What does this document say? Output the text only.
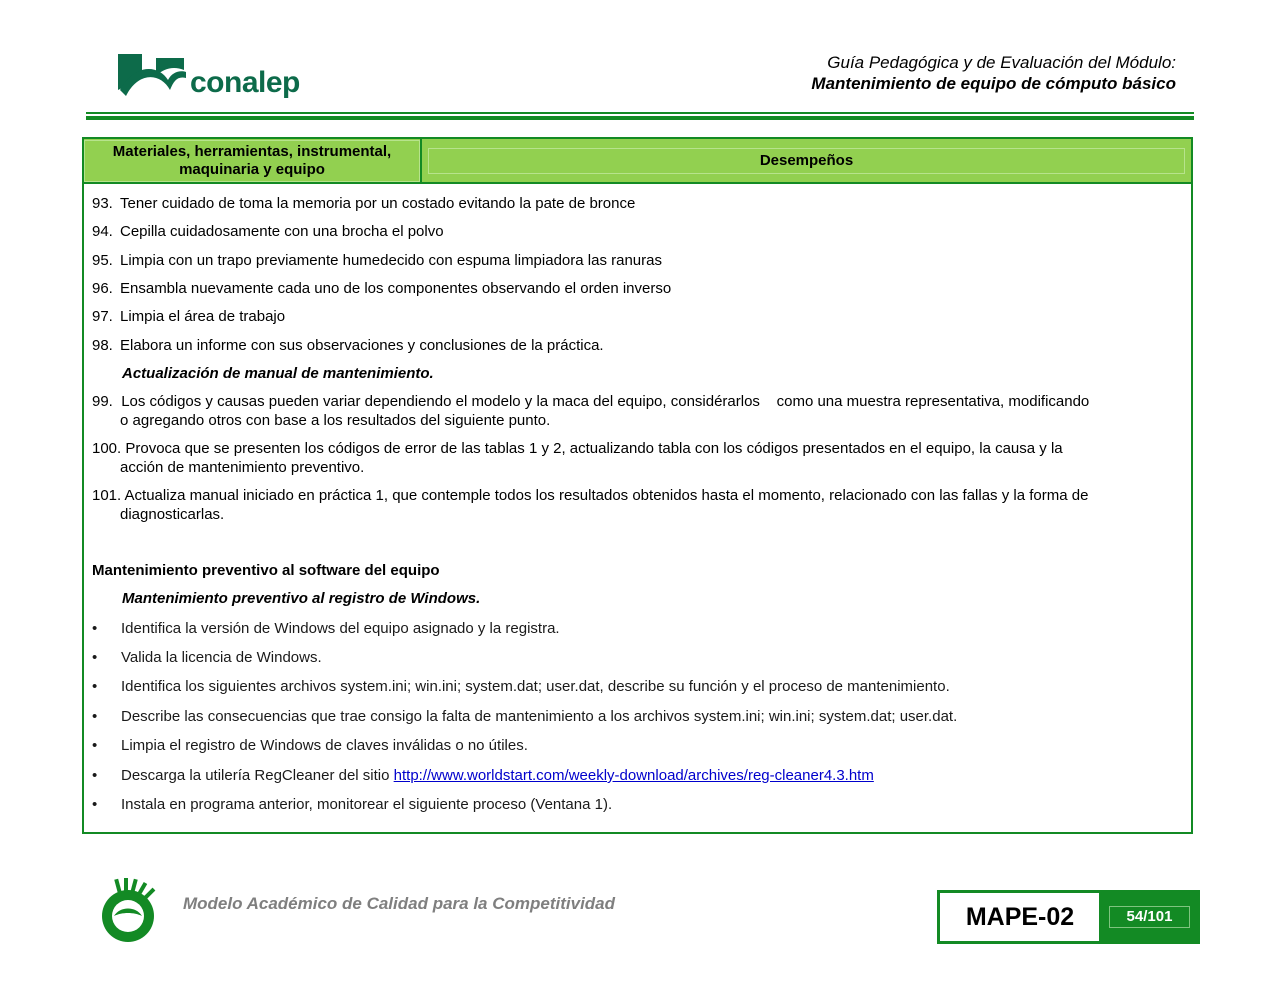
conalep
Guía Pedagógica y de Evaluación del Módulo:
Mantenimiento de equipo de cómputo básico
Materiales, herramientas, instrumental, maquinaria y equipo
Desempeños
93. Tener cuidado de toma la memoria por un costado evitando la pate de bronce
94. Cepilla cuidadosamente con una brocha el polvo
95. Limpia con un trapo previamente humedecido con espuma limpiadora las ranuras
96. Ensambla nuevamente cada uno de los componentes observando el orden inverso
97. Limpia el área de trabajo
98. Elabora un informe con sus observaciones y conclusiones de la práctica.
Actualización de manual de mantenimiento.
99.  Los códigos y causas pueden variar dependiendo el modelo y la maca del equipo, considérarlos    como una muestra representativa, modificando
o agregando otros con base a los resultados del siguiente punto.
100. Provoca que se presenten los códigos de error de las tablas 1 y 2, actualizando tabla con los códigos presentados en el equipo, la causa y la
acción de mantenimiento preventivo.
101. Actualiza manual iniciado en práctica 1, que contemple todos los resultados obtenidos hasta el momento, relacionado con las fallas y la forma de
diagnosticarlas.
Mantenimiento preventivo al software del equipo
Mantenimiento preventivo al registro de Windows.
• Identifica la versión de Windows del equipo asignado y la registra.
• Valida la licencia de Windows.
• Identifica los siguientes archivos system.ini; win.ini; system.dat; user.dat, describe su función y el proceso de mantenimiento.
• Describe las consecuencias que trae consigo la falta de mantenimiento a los archivos system.ini; win.ini; system.dat; user.dat.
• Limpia el registro de Windows de claves inválidas o no útiles.
• Descarga la utilería RegCleaner del sitio http://www.worldstart.com/weekly-download/archives/reg-cleaner4.3.htm
• Instala en programa anterior, monitorear el siguiente proceso (Ventana 1).
Modelo Académico de Calidad para la Competitividad	MAPE-02	54/101
